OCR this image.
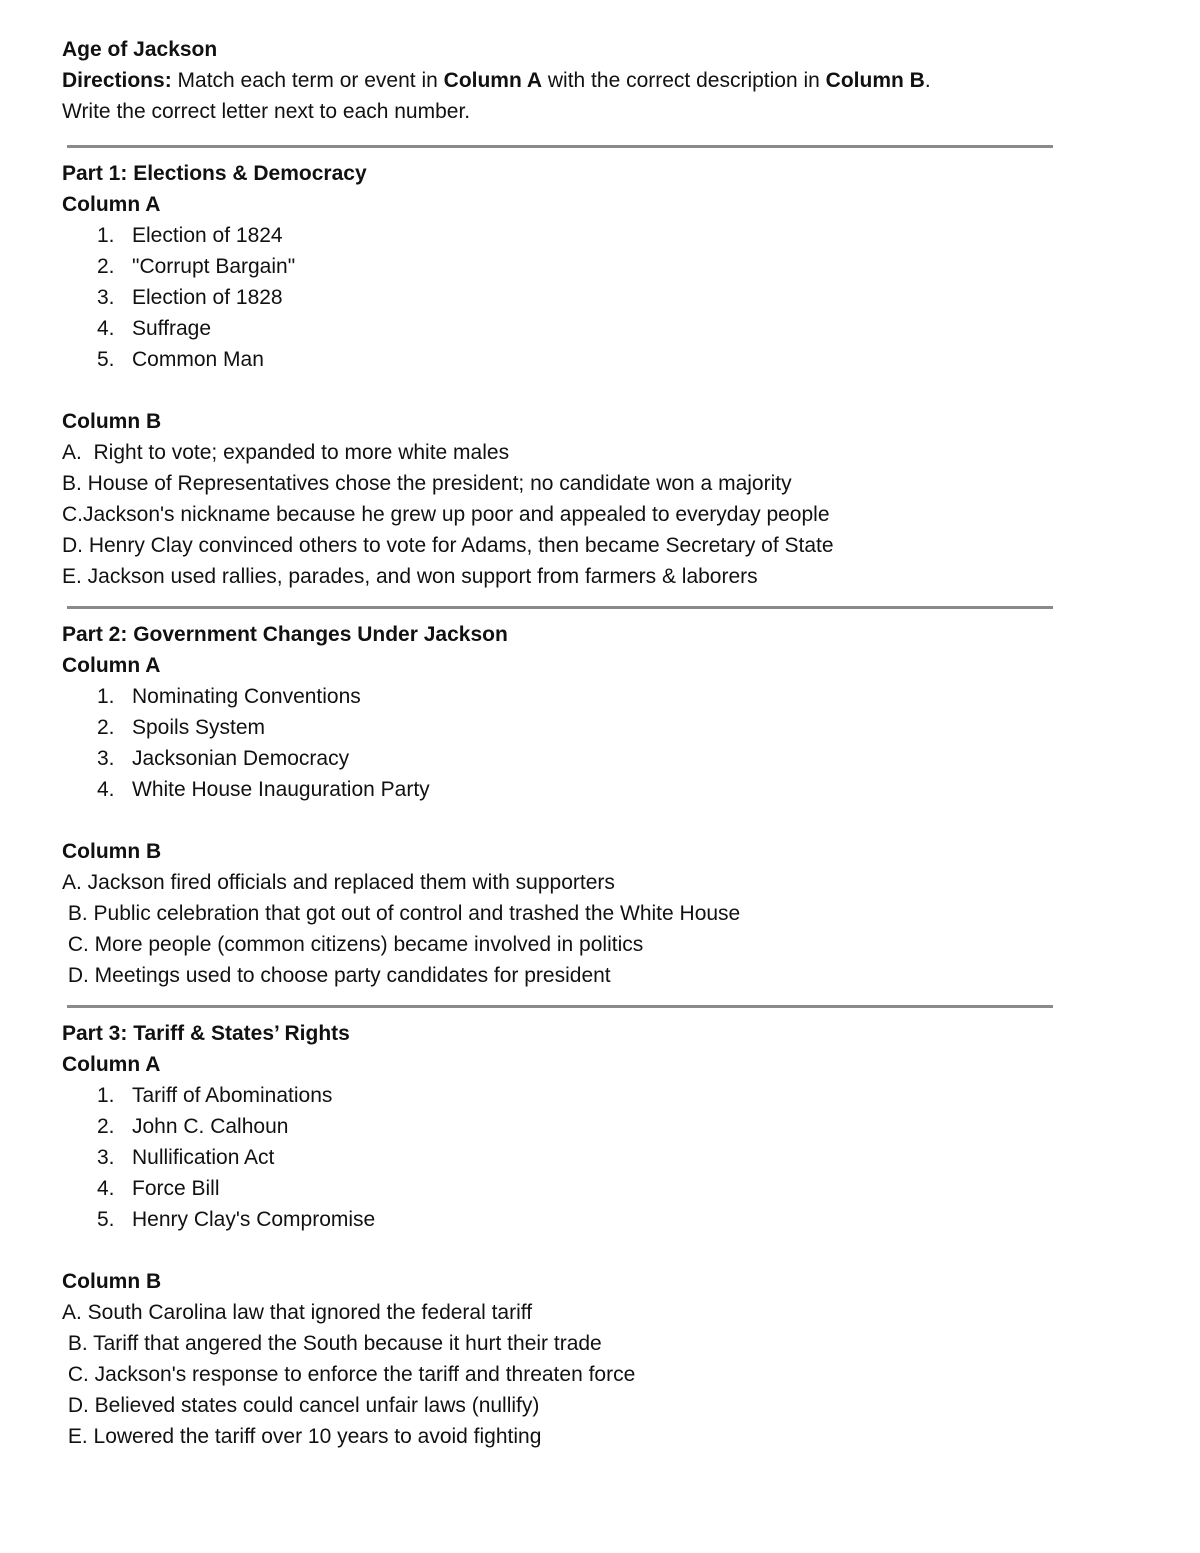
Age of Jackson
Directions: Match each term or event in Column A with the correct description in Column B.
Write the correct letter next to each number.
Part 1: Elections & Democracy
Column A
1. Election of 1824
2. "Corrupt Bargain"
3. Election of 1828
4. Suffrage
5. Common Man
Column B
A.  Right to vote; expanded to more white males
B. House of Representatives chose the president; no candidate won a majority
C.Jackson's nickname because he grew up poor and appealed to everyday people
D. Henry Clay convinced others to vote for Adams, then became Secretary of State
E. Jackson used rallies, parades, and won support from farmers & laborers
Part 2: Government Changes Under Jackson
Column A
1. Nominating Conventions
2. Spoils System
3. Jacksonian Democracy
4. White House Inauguration Party
Column B
A. Jackson fired officials and replaced them with supporters
B. Public celebration that got out of control and trashed the White House
C. More people (common citizens) became involved in politics
D. Meetings used to choose party candidates for president
Part 3: Tariff & States’ Rights
Column A
1. Tariff of Abominations
2. John C. Calhoun
3. Nullification Act
4. Force Bill
5. Henry Clay's Compromise
Column B
A. South Carolina law that ignored the federal tariff
B. Tariff that angered the South because it hurt their trade
C. Jackson's response to enforce the tariff and threaten force
D. Believed states could cancel unfair laws (nullify)
E. Lowered the tariff over 10 years to avoid fighting
